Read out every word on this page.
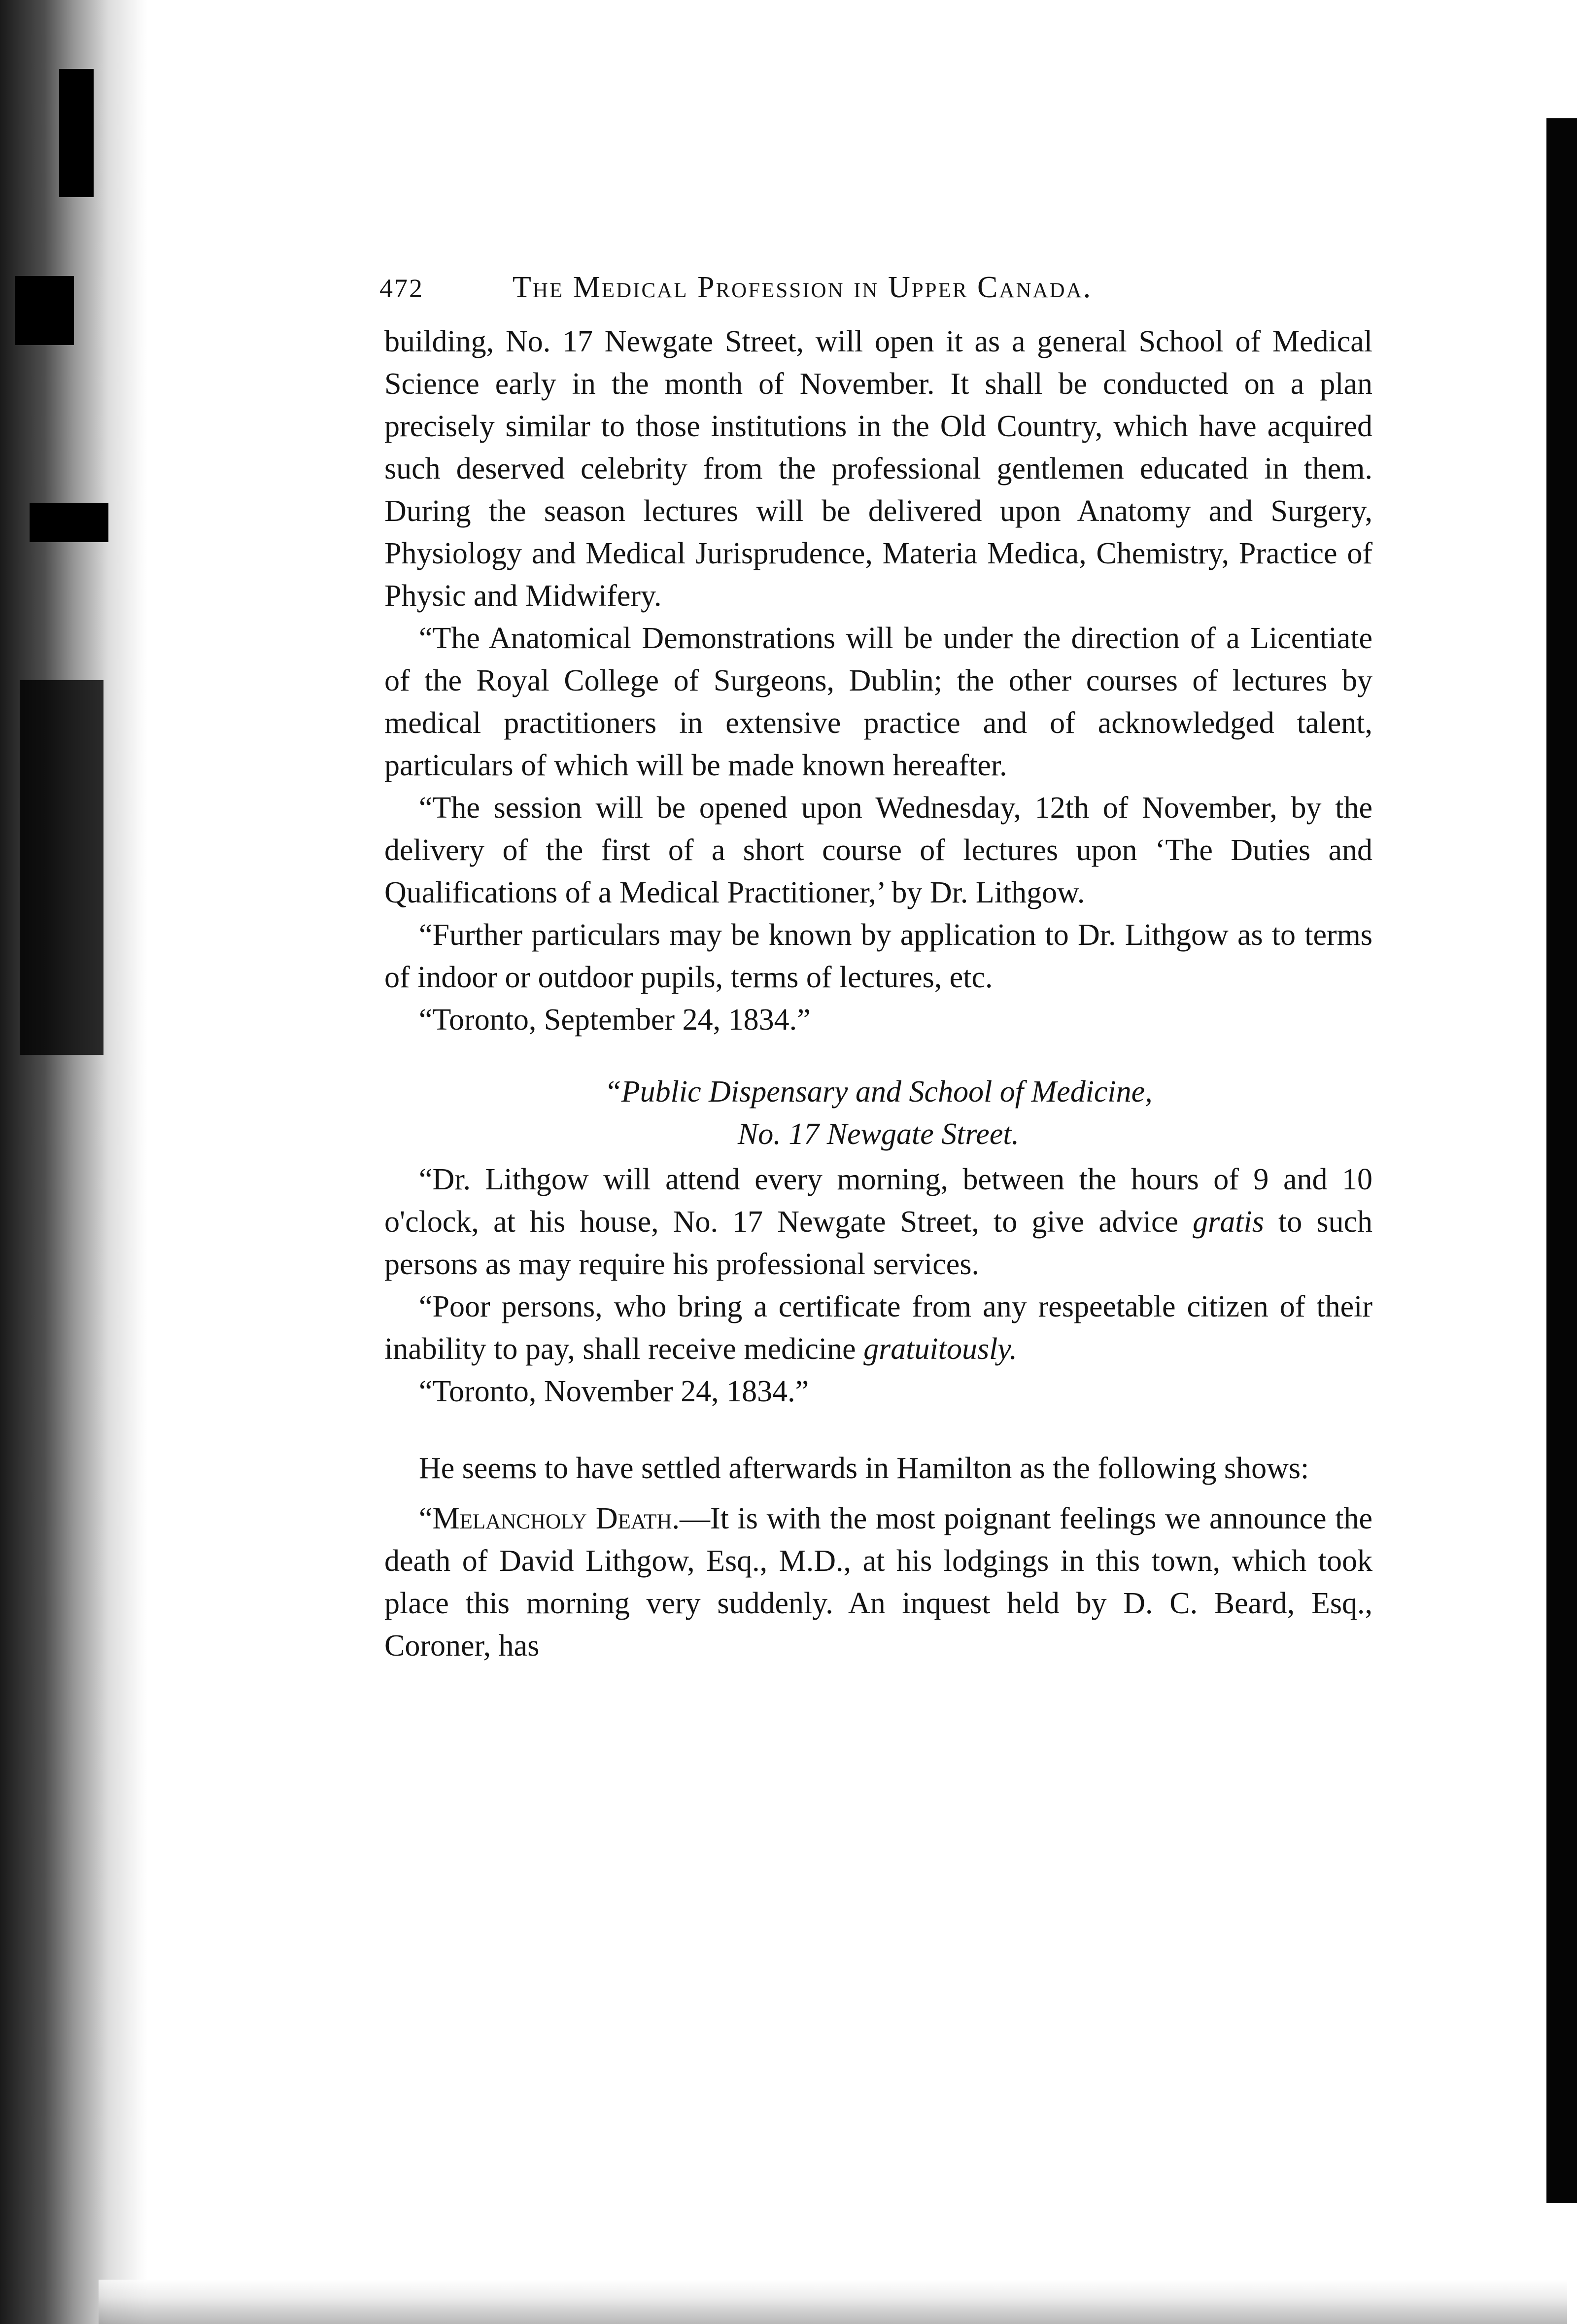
472	The Medical Profession in Upper Canada.

building, No. 17 Newgate Street, will open it as a general School of Medical Science early in the month of November. It shall be conducted on a plan precisely similar to those institutions in the Old Country, which have acquired such deserved celebrity from the professional gentlemen educated in them. During the season lectures will be delivered upon Anatomy and Surgery, Physiology and Medical Jurisprudence, Materia Medica, Chemistry, Practice of Physic and Midwifery.

“The Anatomical Demonstrations will be under the direction of a Licentiate of the Royal College of Surgeons, Dublin; the other courses of lectures by medical practitioners in extensive practice and of acknowledged talent, particulars of which will be made known hereafter.

“The session will be opened upon Wednesday, 12th of November, by the delivery of the first of a short course of lectures upon ‘The Duties and Qualifications of a Medical Practitioner,’ by Dr. Lithgow.

“Further particulars may be known by application to Dr. Lithgow as to terms of indoor or outdoor pupils, terms of lectures, etc.

“Toronto, September 24, 1834.”

“Public Dispensary and School of Medicine,

No. 17 Newgate Street.

“Dr. Lithgow will attend every morning, between the hours of 9 and 10 o'clock, at his house, No. 17 Newgate Street, to give advice gratis to such persons as may require his professional services.

“Poor persons, who bring a certificate from any respeetable citizen of their inability to pay, shall receive medicine gratuitously.

“Toronto, November 24, 1834.”

He seems to have settled afterwards in Hamilton as the following shows:

“Melancholy Death.—It is with the most poignant feelings we announce the death of David Lithgow, Esq., M.D., at his lodgings in this town, which took place this morning very suddenly. An inquest held by D. C. Beard, Esq., Coroner, has
